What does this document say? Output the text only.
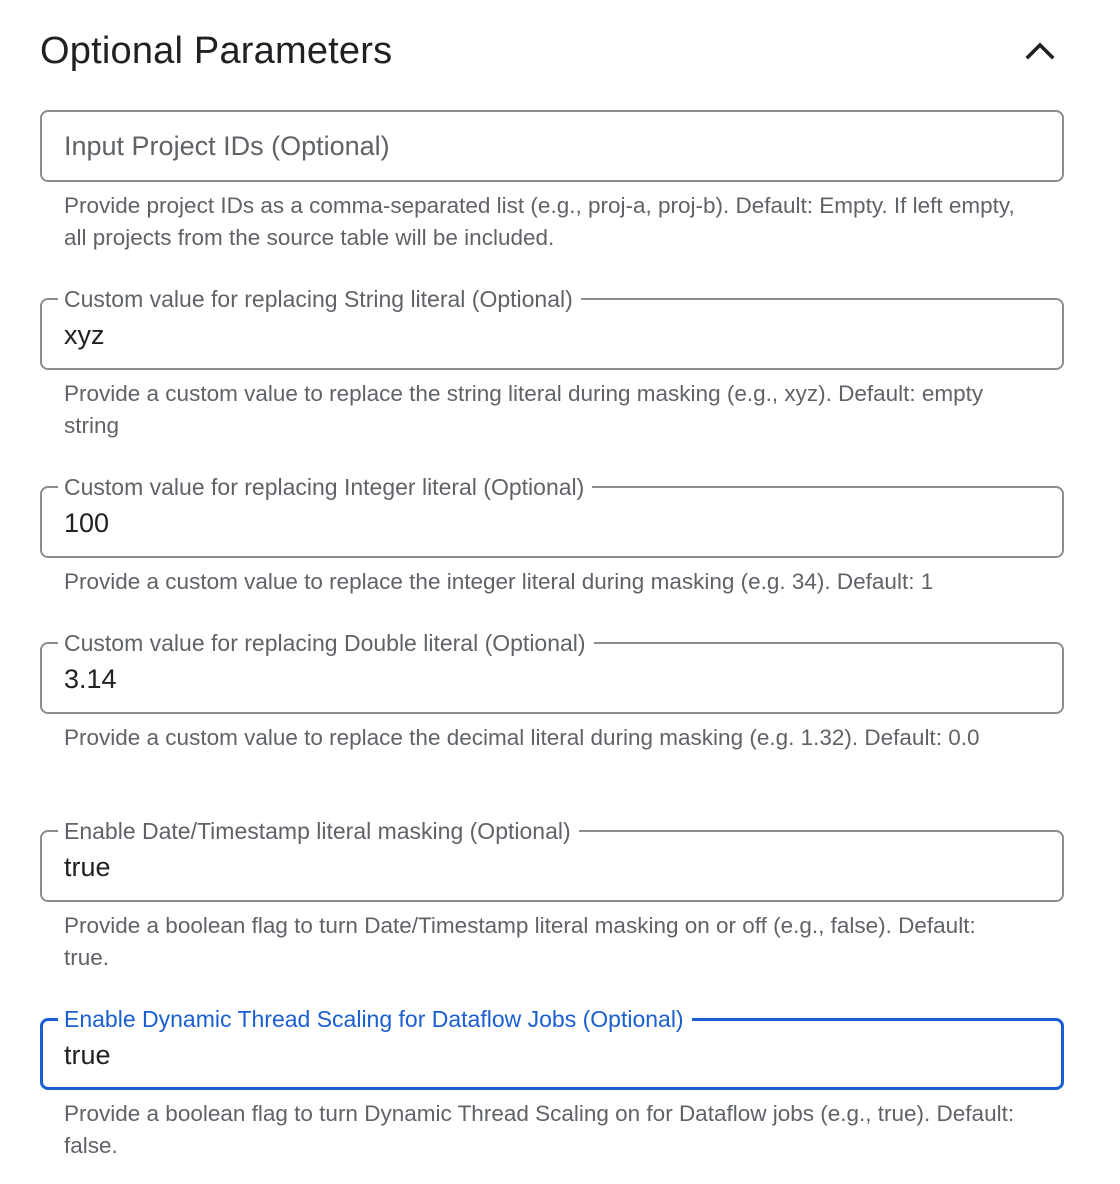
Optional Parameters
Input Project IDs (Optional)
Provide project IDs as a comma-separated list (e.g., proj-a, proj-b). Default: Empty. If left empty, all projects from the source table will be included.
Custom value for replacing String literal (Optional)
xyz
Provide a custom value to replace the string literal during masking (e.g., xyz). Default: empty string
Custom value for replacing Integer literal (Optional)
100
Provide a custom value to replace the integer literal during masking (e.g. 34). Default: 1
Custom value for replacing Double literal (Optional)
3.14
Provide a custom value to replace the decimal literal during masking (e.g. 1.32). Default: 0.0
Enable Date/Timestamp literal masking (Optional)
true
Provide a boolean flag to turn Date/Timestamp literal masking on or off (e.g., false). Default: true.
Enable Dynamic Thread Scaling for Dataflow Jobs (Optional)
true
Provide a boolean flag to turn Dynamic Thread Scaling on for Dataflow jobs (e.g., true). Default: false.
